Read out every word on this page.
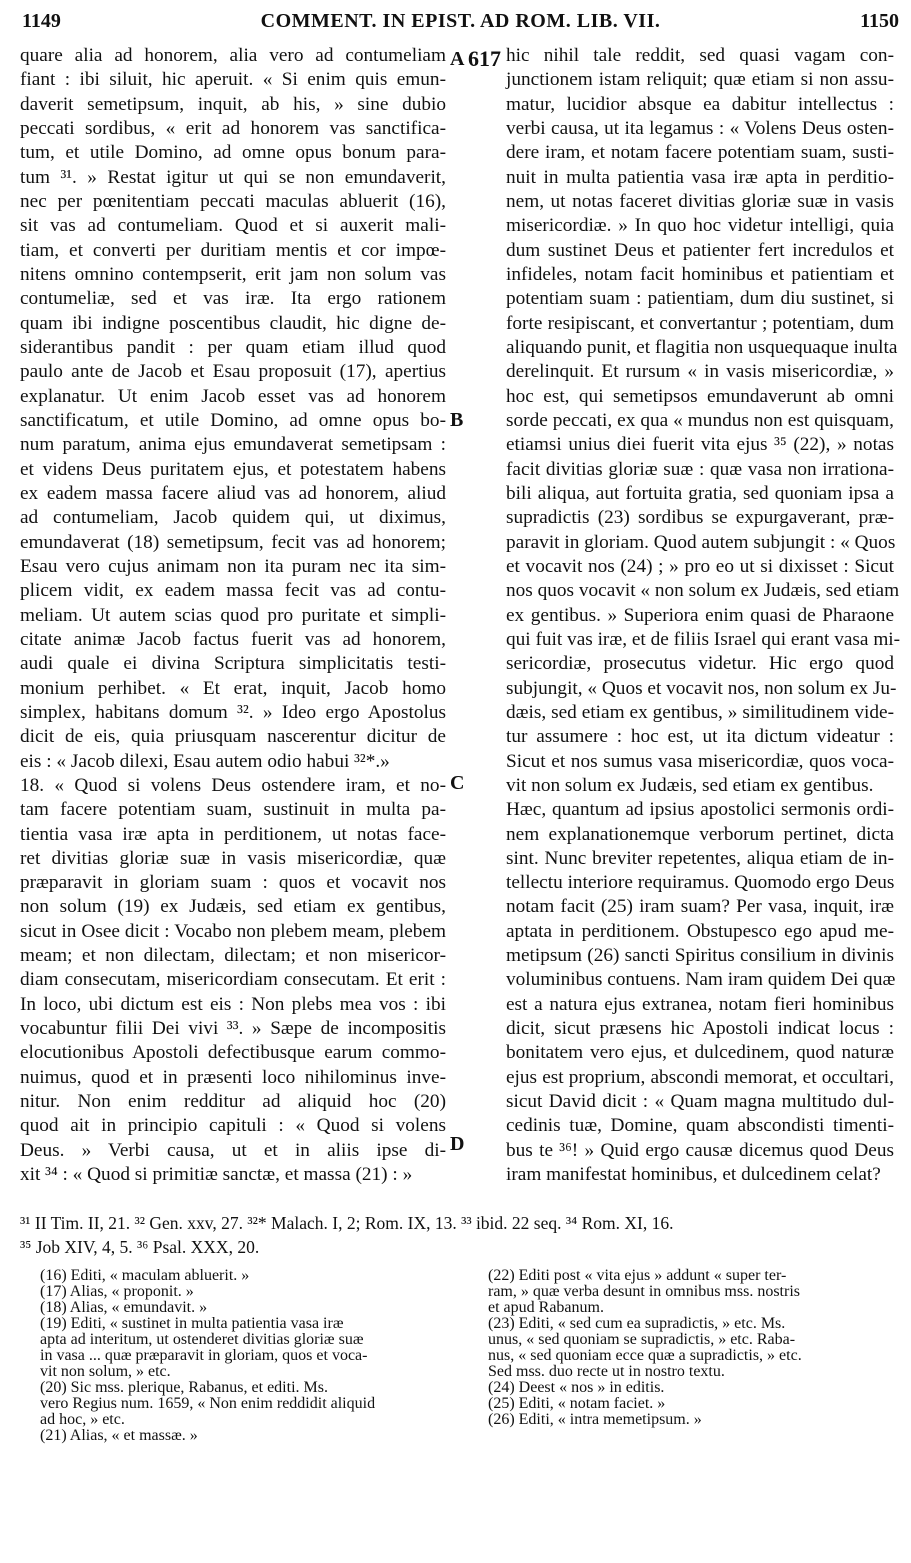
1149	COMMENT. IN EPIST. AD ROM. LIB. VII.	1150
A 617
B
C
D
quare alia ad honorem, alia vero ad contumeliam
fiant : ibi siluit, hic aperuit. « Si enim quis emun-
daverit semetipsum, inquit, ab his, » sine dubio
peccati sordibus, « erit ad honorem vas sanctifica-
tum, et utile Domino, ad omne opus bonum para-
tum ³¹. » Restat igitur ut qui se non emundaverit,
nec per pœnitentiam peccati maculas abluerit (16),
sit vas ad contumeliam. Quod et si auxerit mali-
tiam, et converti per duritiam mentis et cor impœ-
nitens omnino contempserit, erit jam non solum vas
contumeliæ, sed et vas iræ. Ita ergo rationem
quam ibi indigne poscentibus claudit, hic digne de-
siderantibus pandit : per quam etiam illud quod
paulo ante de Jacob et Esau proposuit (17), apertius
explanatur. Ut enim Jacob esset vas ad honorem
sanctificatum, et utile Domino, ad omne opus bo-
num paratum, anima ejus emundaverat semetipsam :
et videns Deus puritatem ejus, et potestatem habens
ex eadem massa facere aliud vas ad honorem, aliud
ad contumeliam, Jacob quidem qui, ut diximus,
emundaverat (18) semetipsum, fecit vas ad honorem;
Esau vero cujus animam non ita puram nec ita sim-
plicem vidit, ex eadem massa fecit vas ad contu-
meliam. Ut autem scias quod pro puritate et simpli-
citate animæ Jacob factus fuerit vas ad honorem,
audi quale ei divina Scriptura simplicitatis testi-
monium perhibet. « Et erat, inquit, Jacob homo
simplex, habitans domum ³². » Ideo ergo Apostolus
dicit de eis, quia priusquam nascerentur dicitur de
eis : « Jacob dilexi, Esau autem odio habui ³²*.»
18. « Quod si volens Deus ostendere iram, et no-
tam facere potentiam suam, sustinuit in multa pa-
tientia vasa iræ apta in perditionem, ut notas face-
ret divitias gloriæ suæ in vasis misericordiæ, quæ
præparavit in gloriam suam : quos et vocavit nos
non solum (19) ex Judæis, sed etiam ex gentibus,
sicut in Osee dicit : Vocabo non plebem meam, plebem
meam; et non dilectam, dilectam; et non misericor-
diam consecutam, misericordiam consecutam. Et erit :
In loco, ubi dictum est eis : Non plebs mea vos : ibi
vocabuntur filii Dei vivi ³³. » Sæpe de incompositis
elocutionibus Apostoli defectibusque earum commo-
nuimus, quod et in præsenti loco nihilominus inve-
nitur. Non enim redditur ad aliquid hoc (20)
quod ait in principio capituli : « Quod si volens
Deus. » Verbi causa, ut et in aliis ipse di-
xit ³⁴ : « Quod si primitiæ sanctæ, et massa (21) : »
hic nihil tale reddit, sed quasi vagam con-
junctionem istam reliquit; quæ etiam si non assu-
matur, lucidior absque ea dabitur intellectus :
verbi causa, ut ita legamus : « Volens Deus osten-
dere iram, et notam facere potentiam suam, susti-
nuit in multa patientia vasa iræ apta in perditio-
nem, ut notas faceret divitias gloriæ suæ in vasis
misericordiæ. » In quo hoc videtur intelligi, quia
dum sustinet Deus et patienter fert incredulos et
infideles, notam facit hominibus et patientiam et
potentiam suam : patientiam, dum diu sustinet, si
forte resipiscant, et convertantur ; potentiam, dum
aliquando punit, et flagitia non usquequaque inulta
derelinquit. Et rursum « in vasis misericordiæ, »
hoc est, qui semetipsos emundaverunt ab omni
sorde peccati, ex qua « mundus non est quisquam,
etiamsi unius diei fuerit vita ejus ³⁵ (22), » notas
facit divitias gloriæ suæ : quæ vasa non irrationa-
bili aliqua, aut fortuita gratia, sed quoniam ipsa a
supradictis (23) sordibus se expurgaverant, præ-
paravit in gloriam. Quod autem subjungit : « Quos
et vocavit nos (24) ; » pro eo ut si dixisset : Sicut
nos quos vocavit « non solum ex Judæis, sed etiam
ex gentibus. » Superiora enim quasi de Pharaone
qui fuit vas iræ, et de filiis Israel qui erant vasa mi-
sericordiæ, prosecutus videtur. Hic ergo quod
subjungit, « Quos et vocavit nos, non solum ex Ju-
dæis, sed etiam ex gentibus, » similitudinem vide-
tur assumere : hoc est, ut ita dictum videatur :
Sicut et nos sumus vasa misericordiæ, quos voca-
vit non solum ex Judæis, sed etiam ex gentibus.
Hæc, quantum ad ipsius apostolici sermonis ordi-
nem explanationemque verborum pertinet, dicta
sint. Nunc breviter repetentes, aliqua etiam de in-
tellectu interiore requiramus. Quomodo ergo Deus
notam facit (25) iram suam? Per vasa, inquit, iræ
aptata in perditionem. Obstupesco ego apud me-
metipsum (26) sancti Spiritus consilium in divinis
voluminibus contuens. Nam iram quidem Dei quæ
est a natura ejus extranea, notam fieri hominibus
dicit, sicut præsens hic Apostoli indicat locus :
bonitatem vero ejus, et dulcedinem, quod naturæ
ejus est proprium, abscondi memorat, et occultari,
sicut David dicit : « Quam magna multitudo dul-
cedinis tuæ, Domine, quam abscondisti timenti-
bus te ³⁶! » Quid ergo causæ dicemus quod Deus
iram manifestat hominibus, et dulcedinem celat?
³¹ II Tim. II, 21. ³² Gen. xxv, 27. ³²* Malach. I, 2; Rom. IX, 13. ³³ ibid. 22 seq. ³⁴ Rom. XI, 16.
³⁵ Job XIV, 4, 5. ³⁶ Psal. XXX, 20.
(16) Editi, « maculam abluerit. »
(17) Alias, « proponit. »
(18) Alias, « emundavit. »
(19) Editi, « sustinet in multa patientia vasa iræ
apta ad interitum, ut ostenderet divitias gloriæ suæ
in vasa ... quæ præparavit in gloriam, quos et voca-
vit non solum, » etc.
(20) Sic mss. plerique, Rabanus, et editi. Ms.
vero Regius num. 1659, « Non enim reddidit aliquid
ad hoc, » etc.
(21) Alias, « et massæ. »
(22) Editi post « vita ejus » addunt « super ter-
ram, » quæ verba desunt in omnibus mss. nostris
et apud Rabanum.
(23) Editi, « sed cum ea supradictis, » etc. Ms.
unus, « sed quoniam se supradictis, » etc. Raba-
nus, « sed quoniam ecce quæ a supradictis, » etc.
Sed mss. duo recte ut in nostro textu.
(24) Deest « nos » in editis.
(25) Editi, « notam faciet. »
(26) Editi, « intra memetipsum. »
